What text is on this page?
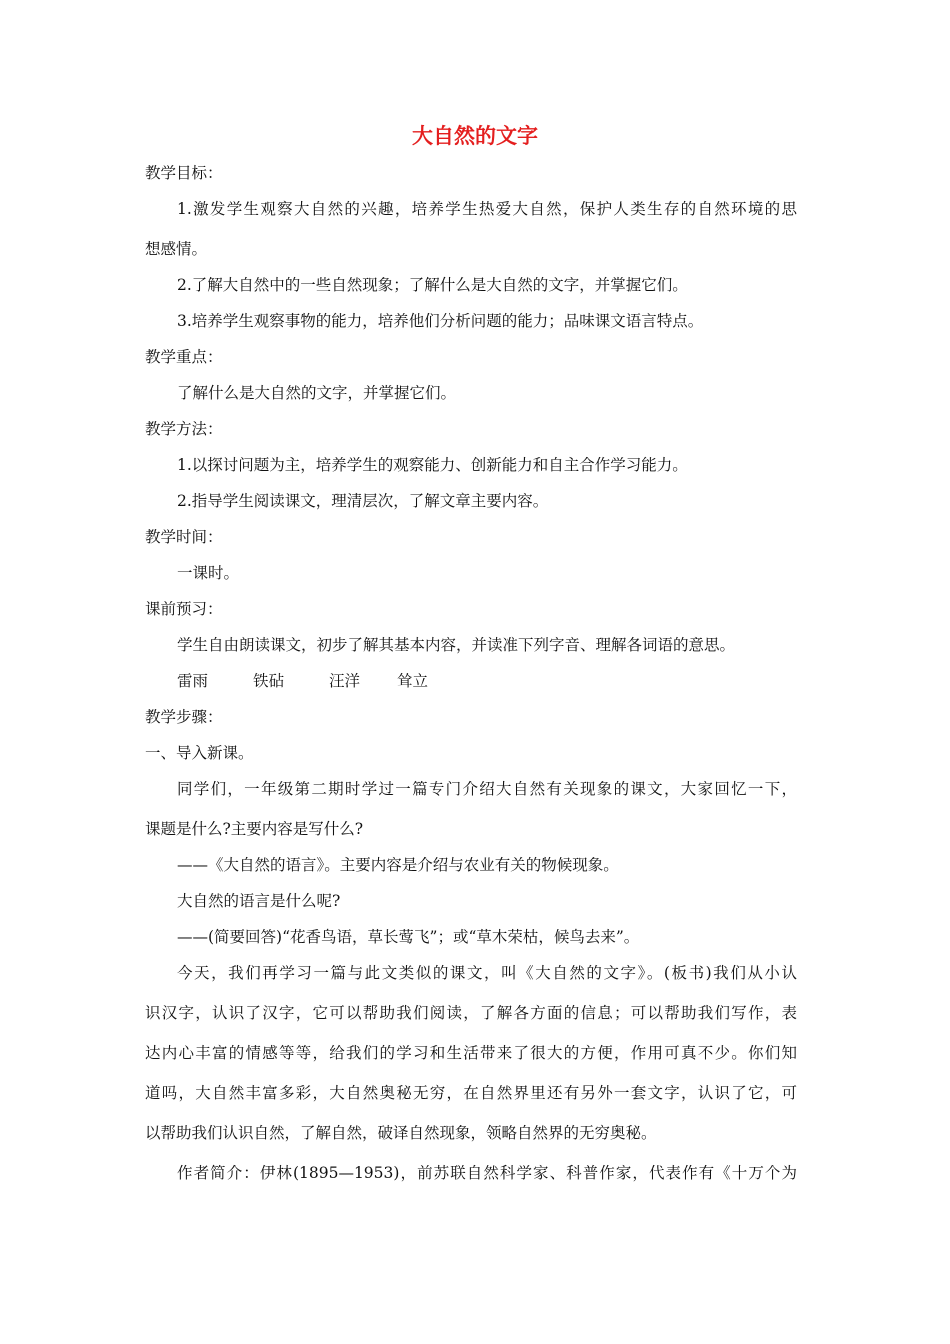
大自然的文字
教学目标：
1.激发学生观察大自然的兴趣，培养学生热爱大自然，保护人类生存的自然环境的思
想感情。
2.了解大自然中的一些自然现象；了解什么是大自然的文字，并掌握它们。
3.培养学生观察事物的能力，培养他们分析问题的能力；品味课文语言特点。
教学重点：
了解什么是大自然的文字，并掌握它们。
教学方法：
1.以探讨问题为主，培养学生的观察能力、创新能力和自主合作学习能力。
2.指导学生阅读课文，理清层次，了解文章主要内容。
教学时间：
一课时。
课前预习：
学生自由朗读课文，初步了解其基本内容，并读准下列字音、理解各词语的意思。
雷雨	铁砧	汪洋	耸立
教学步骤：
一、导入新课。
同学们，一年级第二期时学过一篇专门介绍大自然有关现象的课文，大家回忆一下，
课题是什么?主要内容是写什么?
——《大自然的语言》。主要内容是介绍与农业有关的物候现象。
大自然的语言是什么呢?
——(简要回答)“花香鸟语，草长莺飞”；或“草木荣枯，候鸟去来”。
今天，我们再学习一篇与此文类似的课文，叫《大自然的文字》。(板书)我们从小认
识汉字，认识了汉字，它可以帮助我们阅读，了解各方面的信息；可以帮助我们写作，表
达内心丰富的情感等等，给我们的学习和生活带来了很大的方便，作用可真不少。你们知
道吗，大自然丰富多彩，大自然奥秘无穷，在自然界里还有另外一套文字，认识了它，可
以帮助我们认识自然，了解自然，破译自然现象，领略自然界的无穷奥秘。
作者简介：伊林(1895—1953)，前苏联自然科学家、科普作家，代表作有《十万个为
